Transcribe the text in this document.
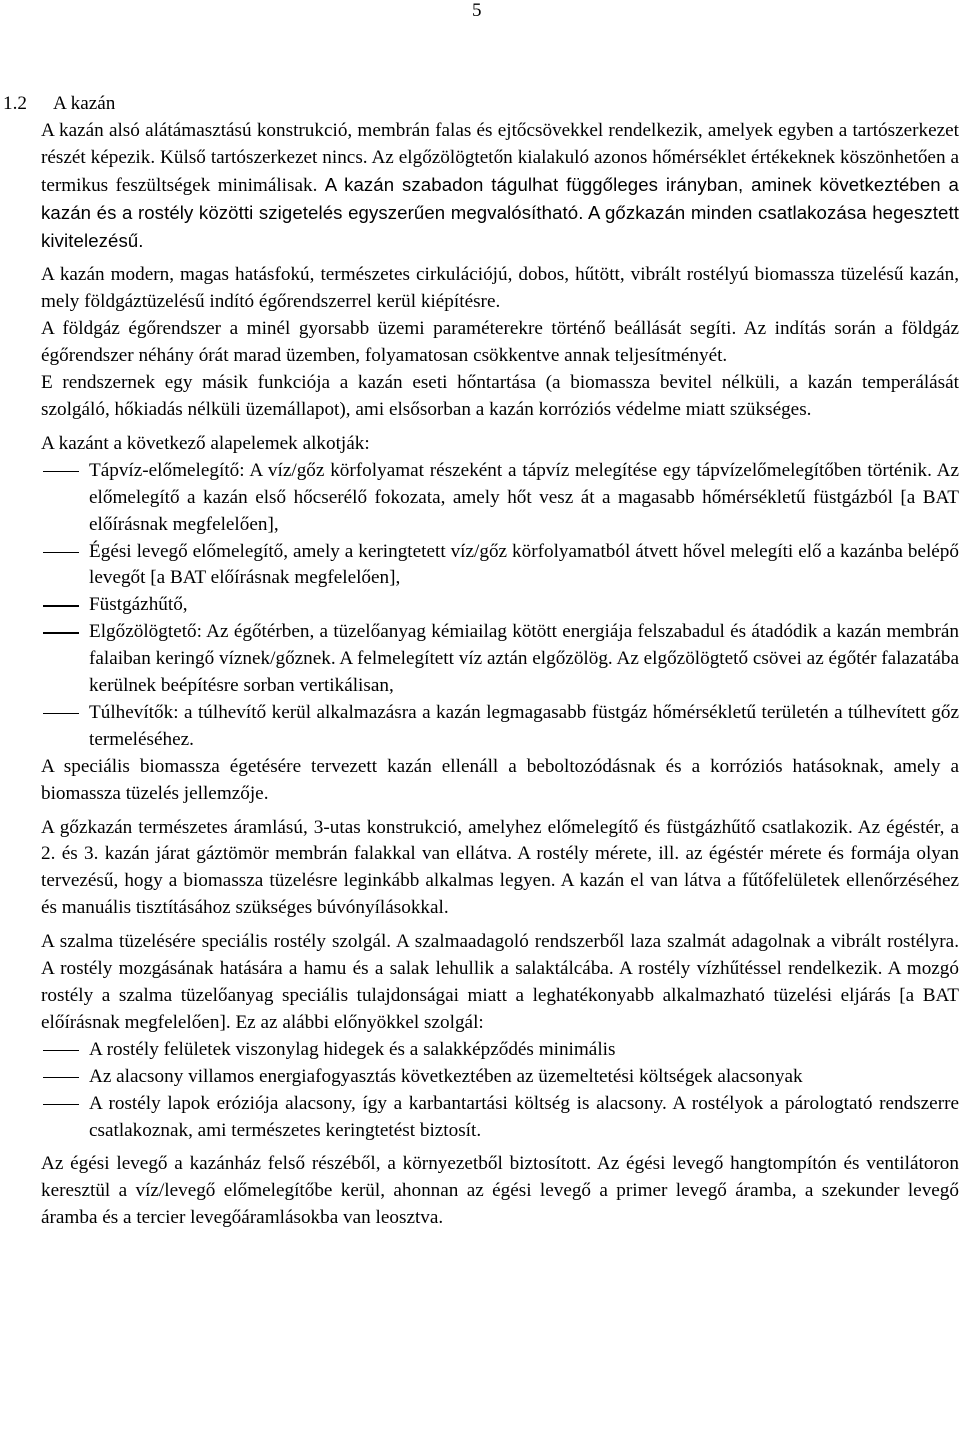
5
1.2 A kazán

A kazán alsó alátámasztású konstrukció, membrán falas és ejtőcsövekkel rendelkezik, amelyek egyben a tartószerkezet részét képezik. Külső tartószerkezet nincs. Az elgőzölögtetőn kialakuló azonos hőmérséklet értékeknek köszönhetően a termikus feszültségek minimálisak. A kazán szabadon tágulhat függőleges irányban, aminek következtében a kazán és a rostély közötti szigetelés egyszerűen megvalósítható. A gőzkazán minden csatlakozása hegesztett kivitelezésű.

A kazán modern, magas hatásfokú, természetes cirkulációjú, dobos, hűtött, vibrált rostélyú biomassza tüzelésű kazán, mely földgáztüzelésű indító égőrendszerrel kerül kiépítésre.

A földgáz égőrendszer a minél gyorsabb üzemi paraméterekre történő beállását segíti. Az indítás során a földgáz égőrendszer néhány órát marad üzemben, folyamatosan csökkentve annak teljesítményét.

E rendszernek egy másik funkciója a kazán eseti hőntartása (a biomassza bevitel nélküli, a kazán temperálását szolgáló, hőkiadás nélküli üzemállapot), ami elsősorban a kazán korróziós védelme miatt szükséges.

A kazánt a következő alapelemek alkotják:

Tápvíz-előmelegítő: A víz/gőz körfolyamat részeként a tápvíz melegítése egy tápvízelőmelegítőben történik. Az előmelegítő a kazán első hőcserélő fokozata, amely hőt vesz át a magasabb hőmérsékletű füstgázból [a BAT előírásnak megfelelően],
Égési levegő előmelegítő, amely a keringtetett víz/gőz körfolyamatból átvett hővel melegíti elő a kazánba belépő levegőt [a BAT előírásnak megfelelően],
Füstgázhűtő,
Elgőzölögtető: Az égőtérben, a tüzelőanyag kémiailag kötött energiája felszabadul és átadódik a kazán membrán falaiban keringő víznek/gőznek. A felmelegített víz aztán elgőzölög. Az elgőzölögtető csövei az égőtér falazatába kerülnek beépítésre sorban vertikálisan,
Túlhevítők: a túlhevítő kerül alkalmazásra a kazán legmagasabb füstgáz hőmérsékletű területén a túlhevített gőz termeléséhez.

A speciális biomassza égetésére tervezett kazán ellenáll a beboltozódásnak és a korróziós hatásoknak, amely a biomassza tüzelés jellemzője.

A gőzkazán természetes áramlású, 3-utas konstrukció, amelyhez előmelegítő és füstgázhűtő csatlakozik. Az égéstér, a 2. és 3. kazán járat gáztömör membrán falakkal van ellátva. A rostély mérete, ill. az égéstér mérete és formája olyan tervezésű, hogy a biomassza tüzelésre leginkább alkalmas legyen. A kazán el van látva a fűtőfelületek ellenőrzéséhez és manuális tisztításához szükséges búvónyílásokkal.

A szalma tüzelésére speciális rostély szolgál. A szalmaadagoló rendszerből laza szalmát adagolnak a vibrált rostélyra. A rostély mozgásának hatására a hamu és a salak lehullik a salaktálcába. A rostély vízhűtéssel rendelkezik. A mozgó rostély a szalma tüzelőanyag speciális tulajdonságai miatt a leghatékonyabb alkalmazható tüzelési eljárás [a BAT előírásnak megfelelően]. Ez az alábbi előnyökkel szolgál:

A rostély felületek viszonylag hidegek és a salakképződés minimális
Az alacsony villamos energiafogyasztás következtében az üzemeltetési költségek alacsonyak
A rostély lapok eróziója alacsony, így a karbantartási költség is alacsony. A rostélyok a párologtató rendszerre csatlakoznak, ami természetes keringtetést biztosít.

Az égési levegő a kazánház felső részéből, a környezetből biztosított. Az égési levegő hangtompítón és ventilátoron keresztül a víz/levegő előmelegítőbe kerül, ahonnan az égési levegő a primer levegő áramba, a szekunder levegő áramba és a tercier levegőáramlásokba van leosztva.
